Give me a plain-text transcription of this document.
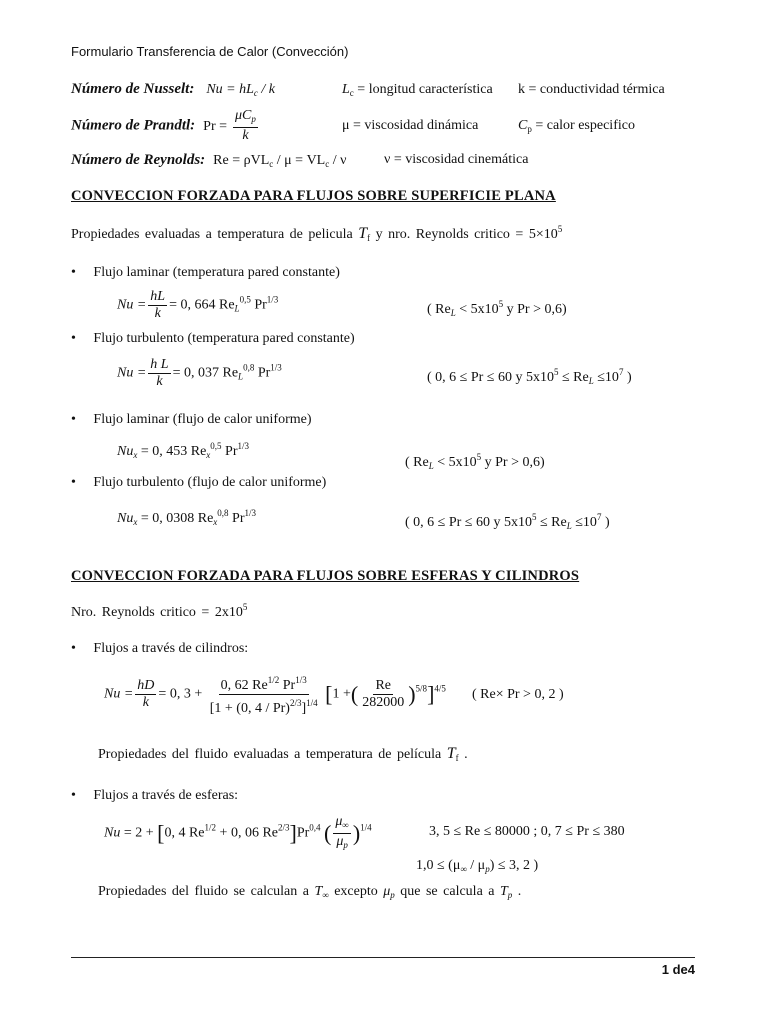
Formulario Transferencia de Calor (Convección)
Número de Nusselt: $Nu = hL_c / k$	$L_c$ = longitud característica k = conductividad térmica
Número de Prandtl: $Pr = \frac{\mu C_p}{k}$	μ = viscosidad dinámica	$C_p$ = calor especifico
Número de Reynolds: $Re = \rho VL_c / \mu = VL_c / \nu$	ν = viscosidad cinemática
CONVECCION FORZADA PARA FLUJOS SOBRE SUPERFICIE PLANA
Propiedades evaluadas a temperatura de pelicula $T_f$ y nro. Reynolds critico = $5\times 10^5$
•     Flujo laminar (temperatura pared constante)
$Nu = \frac{hL}{k} = 0$, 664 $Re_L^{0,5}$ $Pr^{1/3}$
( $Re_L < 5x10^5$ y Pr > 0,6)
•     Flujo turbulento (temperatura pared constante)
$Nu = \frac{\text{h L}}{k} = 0$, 037 $Re_L^{0,8}$ $Pr^{1/3}$
( 0, 6 ≤ Pr ≤ 60 y $5x10^5 \le Re_L \le 10^7$ )
•     Flujo laminar (flujo de calor uniforme)
$Nu_x = 0$, 453 $Re_x^{0,5}$ $Pr^{1/3}$
( $Re_L < 5x10^5$ y Pr > 0,6)
•     Flujo turbulento (flujo de calor uniforme)
$Nu_x = 0$, 0308 $Re_x^{0,8}$ $Pr^{1/3}$
( 0, 6 ≤ Pr ≤ 60 y $5x10^5 \le Re_L \le 10^7$ )
CONVECCION FORZADA PARA FLUJOS SOBRE ESFERAS Y CILINDROS
Nro. Reynolds critico = $2x10^5$
•     Flujos a través de cilindros:
$Nu = \frac{hD}{k} = 0$, $3 + \frac{0, 62 Re^{1/2} Pr^{1/3}}{[1 + (0, 4 / Pr)^{2/3}]^{1/4}} [1$ +( $\frac{Re}{282000} )^{5/8}]^{4/5}$ ( Re× Pr > 0, 2 )
Propiedades del fluido evaluadas a temperatura de película $T_f$ .
•     Flujos a través de esferas:
Nu = 2 + [0, 4 $Re^{1/2} + 0$, 06 $Re^{2/3}]Pr^{0,4}$ ( $\frac{\mu_\infty}{\mu_p} )^{1/4}$	3, 5 ≤ Re ≤ 80000 ; 0, 7 ≤ Pr ≤ 380
$1,0 \le (\mu_\infty / \mu_p) \le 3$, 2 )
Propiedades del fluido se calculan a $T_\infty$ excepto $\mu_p$ que se calcula a $T_p$ .
1 de4
